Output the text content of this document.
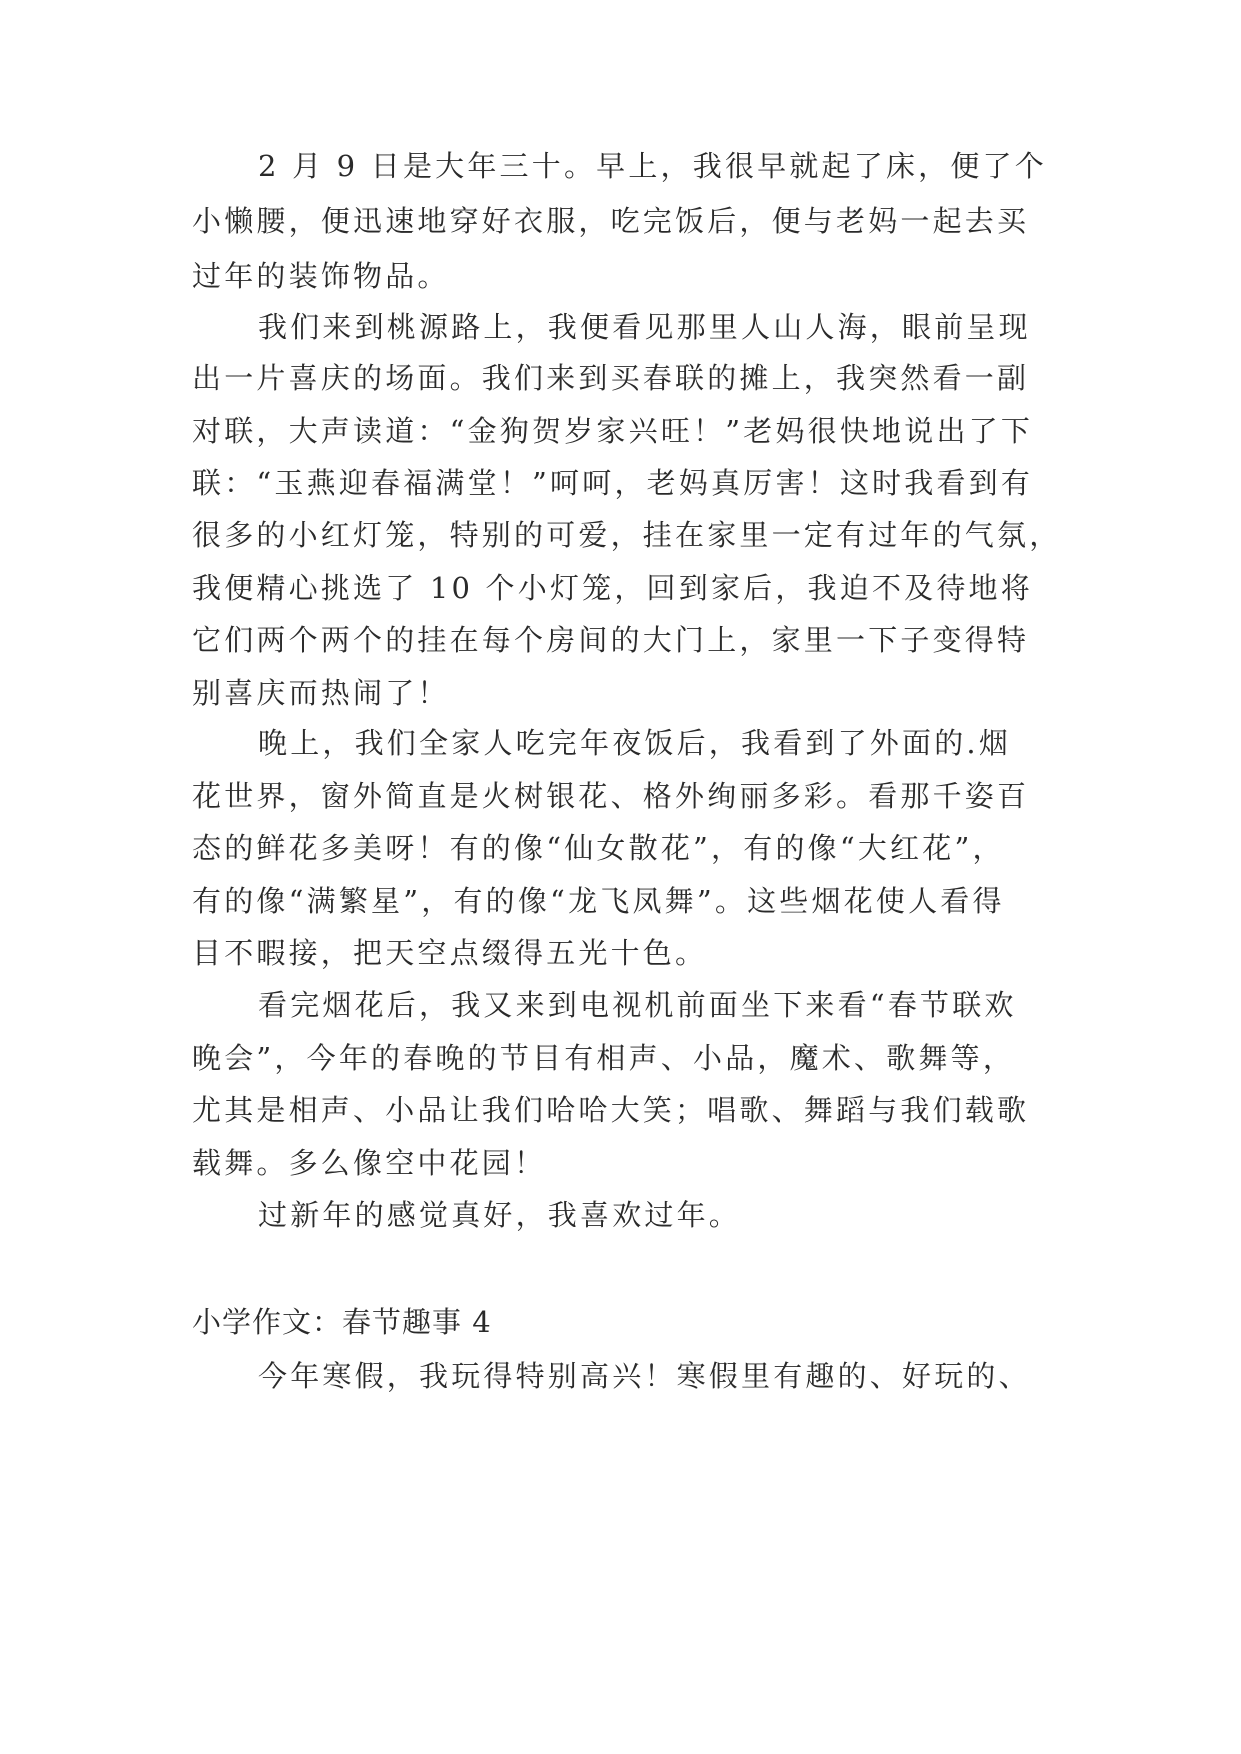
2 月 9 日是大年三十。早上，我很早就起了床，便了个
小懒腰，便迅速地穿好衣服，吃完饭后，便与老妈一起去买
过年的装饰物品。
我们来到桃源路上，我便看见那里人山人海，眼前呈现
出一片喜庆的场面。我们来到买春联的摊上，我突然看一副
对联，大声读道：“金狗贺岁家兴旺！”老妈很快地说出了下
联：“玉燕迎春福满堂！”呵呵，老妈真厉害！这时我看到有
很多的小红灯笼，特别的可爱，挂在家里一定有过年的气氛，
我便精心挑选了 10 个小灯笼，回到家后，我迫不及待地将
它们两个两个的挂在每个房间的大门上，家里一下子变得特
别喜庆而热闹了！
晚上，我们全家人吃完年夜饭后，我看到了外面的.烟
花世界，窗外简直是火树银花、格外绚丽多彩。看那千姿百
态的鲜花多美呀！有的像“仙女散花”，有的像“大红花”，
有的像“满繁星”，有的像“龙飞凤舞”。这些烟花使人看得
目不暇接，把天空点缀得五光十色。
看完烟花后，我又来到电视机前面坐下来看“春节联欢
晚会”，今年的春晚的节目有相声、小品，魔术、歌舞等，
尤其是相声、小品让我们哈哈大笑；唱歌、舞蹈与我们载歌
载舞。多么像空中花园！
过新年的感觉真好，我喜欢过年。
小学作文：春节趣事 4
今年寒假，我玩得特别高兴！寒假里有趣的、好玩的、
